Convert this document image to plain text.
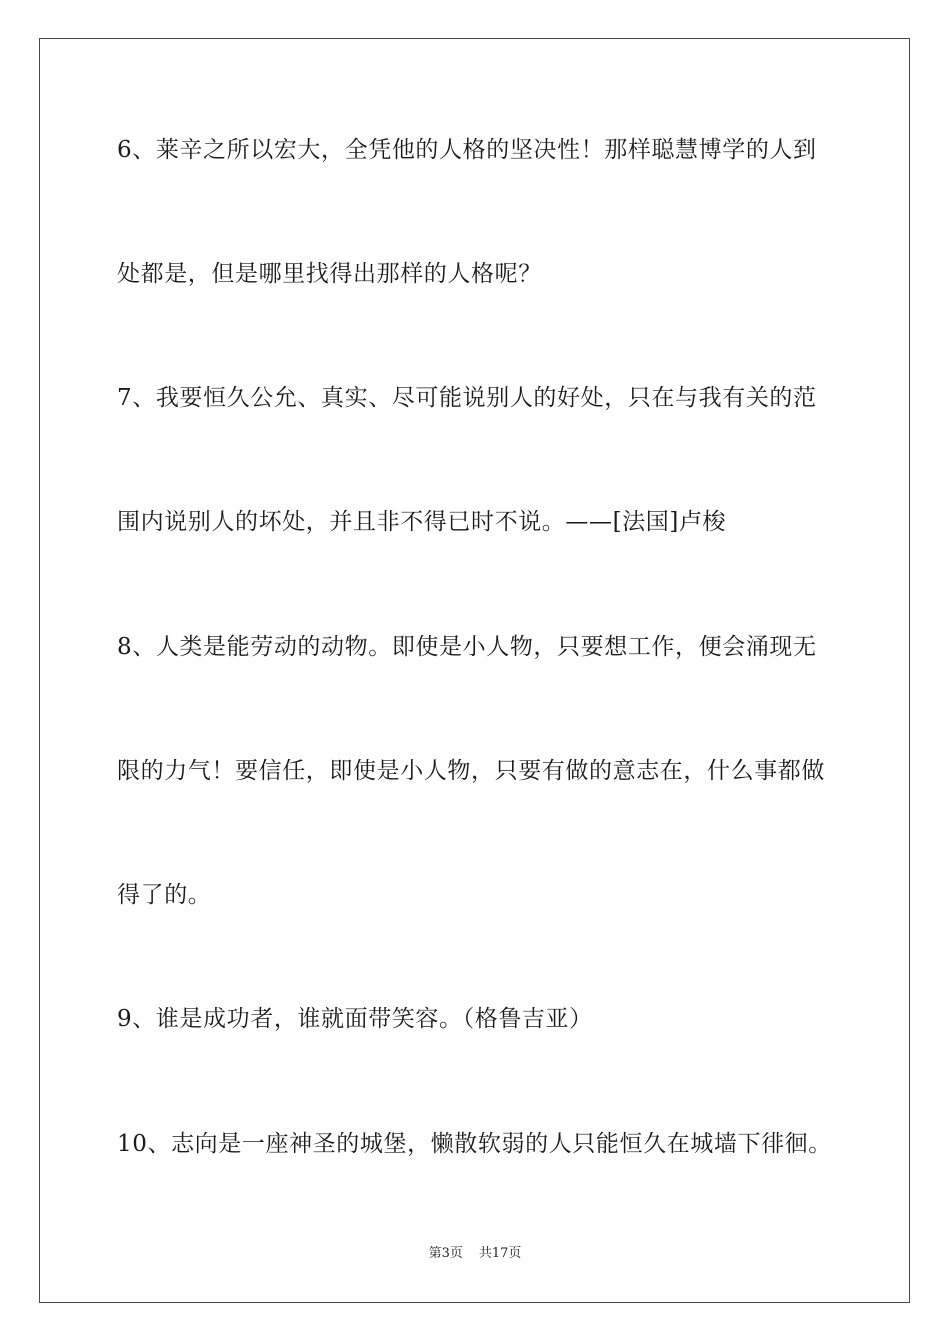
6、莱辛之所以宏大，全凭他的人格的坚决性！那样聪慧博学的人到
处都是，但是哪里找得出那样的人格呢？
7、我要恒久公允、真实、尽可能说别人的好处，只在与我有关的范
围内说别人的坏处，并且非不得已时不说。——[法国]卢梭
8、人类是能劳动的动物。即使是小人物，只要想工作，便会涌现无
限的力气！要信任，即使是小人物，只要有做的意志在，什么事都做
得了的。
9、谁是成功者，谁就面带笑容。（格鲁吉亚）
10、志向是一座神圣的城堡，懒散软弱的人只能恒久在城墙下徘徊。
第3页 共17页
